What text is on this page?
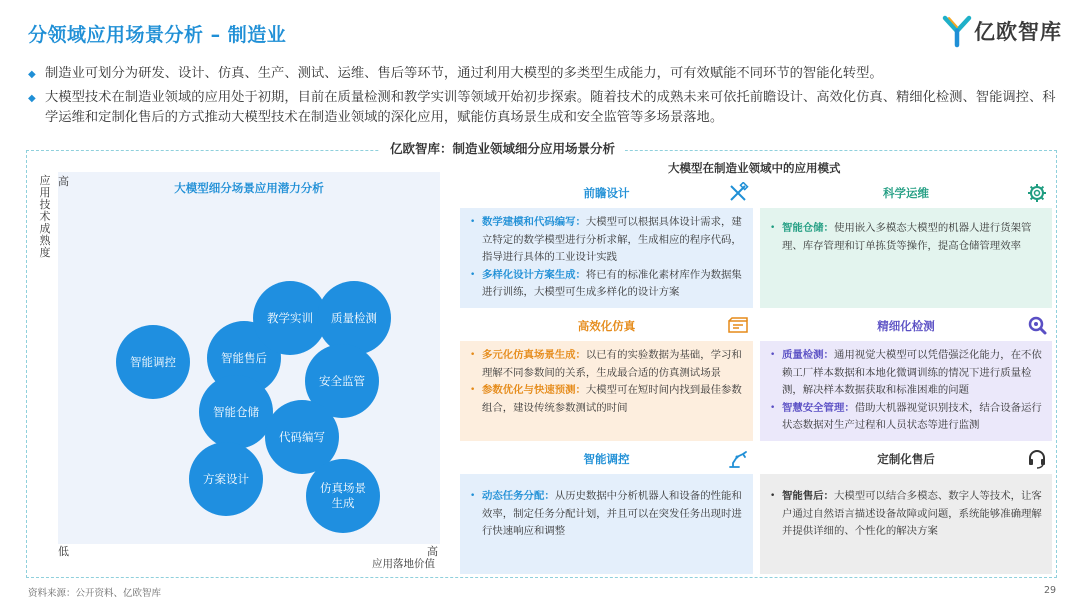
分领域应用场景分析 – 制造业	亿欧智库
◆ 制造业可划分为研发、设计、仿真、生产、测试、运维、售后等环节，通过利用大模型的多类型生成能力，可有效赋能不同环节的智能化转型。
◆ 大模型技术在制造业领域的应用处于初期，目前在质量检测和教学实训等领域开始初步探索。随着技术的成熟未来可依托前瞻设计、高效化仿真、精细化检测、智能调控、科学运维和定制化售后的方式推动大模型技术在制造业领域的深化应用，赋能仿真场景生成和安全监管等多场景落地。
亿欧智库：制造业领域细分应用场景分析
应用技术成熟度
大模型细分场景应用潜力分析
智能调控	智能售后
教学实训	质量检测
安全监管
智能仓储
代码编写
方案设计
仿真场景生成
高
低	高
应用落地价值
大模型在制造业领域中的应用模式
前瞻设计
• 数学建模和代码编写：大模型可以根据具体设计需求，建立特定的数学模型进行分析求解，生成相应的程序代码，指导进行具体的工业设计实践
• 多样化设计方案生成：将已有的标准化素材库作为数据集进行训练，大模型可生成多样化的设计方案
科学运维
• 智能仓储：使用嵌入多模态大模型的机器人进行货架管理、库存管理和订单拣货等操作，提高仓储管理效率
高效化仿真
• 多元化仿真场景生成：以已有的实验数据为基础，学习和理解不同参数间的关系，生成最合适的仿真测试场景
• 参数优化与快速预测：大模型可在短时间内找到最佳参数组合，建设传统参数测试的时间
精细化检测
• 质量检测：通用视觉大模型可以凭借强泛化能力，在不依赖工厂样本数据和本地化微调训练的情况下进行质量检测，解决样本数据获取和标准困难的问题
• 智慧安全管理：借助大机器视觉识别技术，结合设备运行状态数据对生产过程和人员状态等进行监测
智能调控
• 动态任务分配：从历史数据中分析机器人和设备的性能和效率，制定任务分配计划，并且可以在突发任务出现时进行快速响应和调整
定制化售后
• 智能售后：大模型可以结合多模态、数字人等技术，让客户通过自然语言描述设备故障或问题，系统能够准确理解并提供详细的、个性化的解决方案
资料来源：公开资料、亿欧智库	29
